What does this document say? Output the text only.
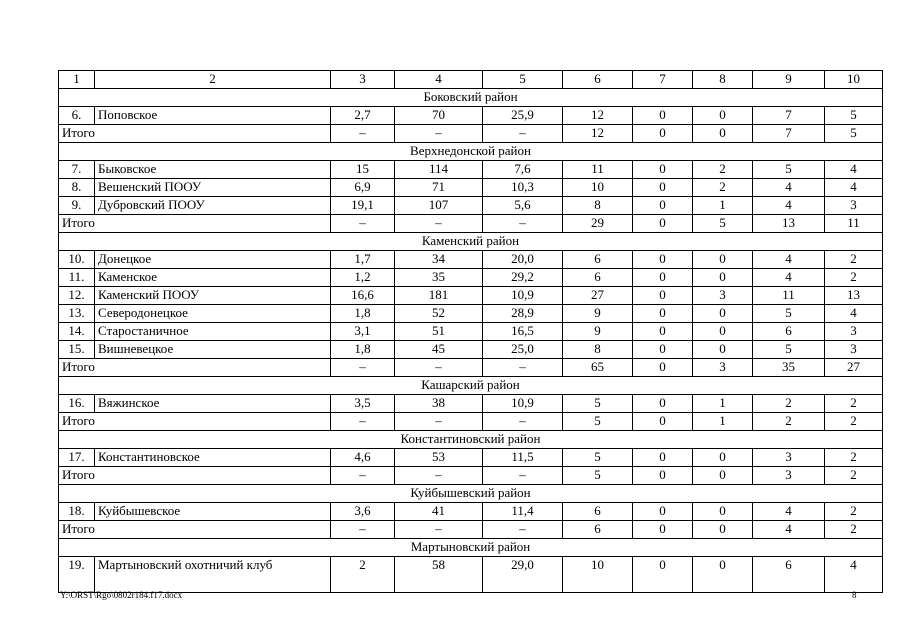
1	2	3	4	5	6	7	8	9	10
Боковский район									
6.	Поповское	2,7	70	25,9	12	0	0	7	5
Итого		–	–	–	12	0	0	7	5
Верхнедонской район									
7.	Быковское	15	114	7,6	11	0	2	5	4
8.	Вешенский ПООУ	6,9	71	10,3	10	0	2	4	4
9.	Дубровский ПООУ	19,1	107	5,6	8	0	1	4	3
Итого		–	–	–	29	0	5	13	11
Каменский район									
10.	Донецкое	1,7	34	20,0	6	0	0	4	2
11.	Каменское	1,2	35	29,2	6	0	0	4	2
12.	Каменский ПООУ	16,6	181	10,9	27	0	3	11	13
13.	Северодонецкое	1,8	52	28,9	9	0	0	5	4
14.	Старостаничное	3,1	51	16,5	9	0	0	6	3
15.	Вишневецкое	1,8	45	25,0	8	0	0	5	3
Итого		–	–	–	65	0	3	35	27
Кашарский район									
16.	Вяжинское	3,5	38	10,9	5	0	1	2	2
Итого		–	–	–	5	0	1	2	2
Константиновский район									
17.	Константиновское	4,6	53	11,5	5	0	0	3	2
Итого		–	–	–	5	0	0	3	2
Куйбышевский район									
18.	Куйбышевское	3,6	41	11,4	6	0	0	4	2
Итого		–	–	–	6	0	0	4	2
Мартыновский район									
19.	Мартыновский охотничий клуб	2	58	29,0	10	0	0	6	4
Y:\ORST\Rgo\0802r184.f17.docx	8
